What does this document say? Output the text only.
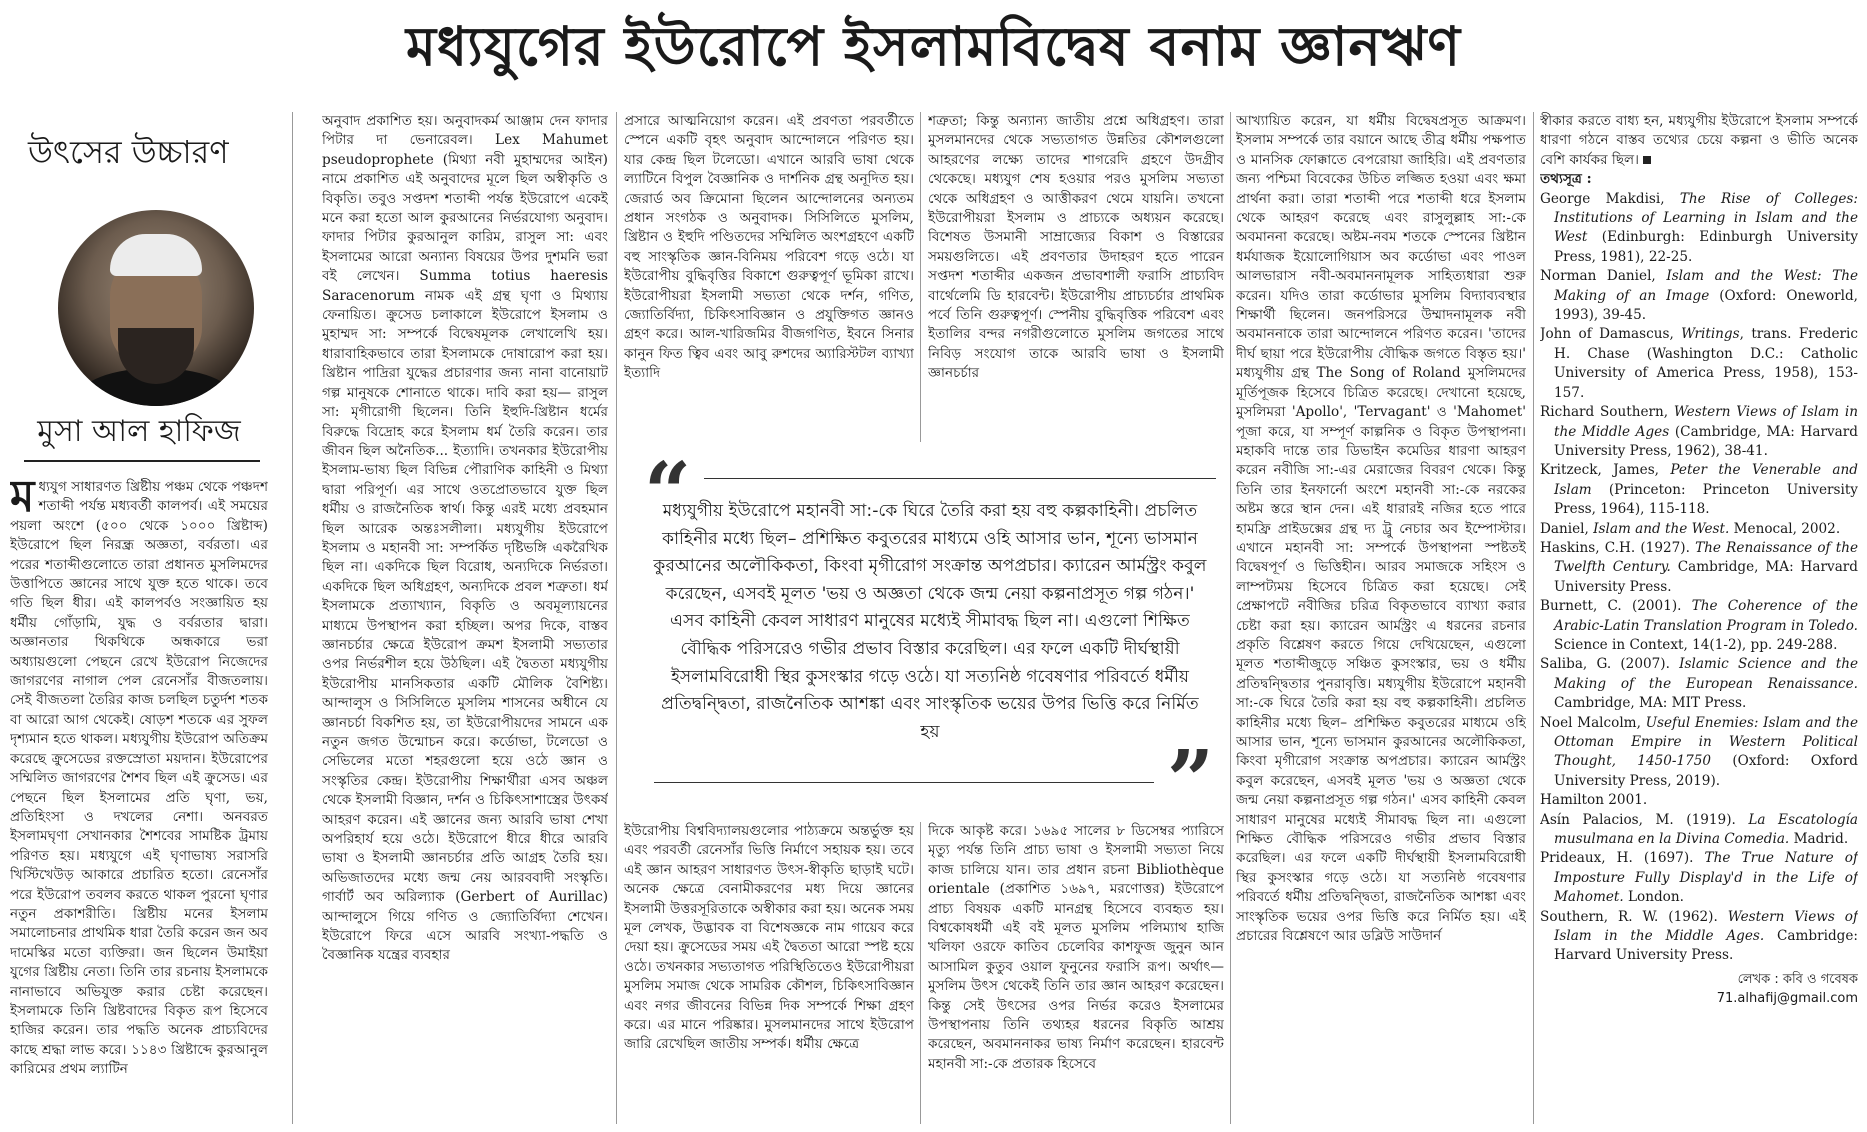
মধ্যযুগের ইউরোপে ইসলামবিদ্বেষ বনাম জ্ঞানঋণ
উৎসের উচ্চারণ
মুসা আল হাফিজ
ম ধ্যযুগ সাধারণত খ্রিষ্টীয় পঞ্চম থেকে পঞ্চদশ শতাব্দী পর্যন্ত মধ্যবর্তী কালপর্ব। এই সময়ের পয়লা অংশে (৫০০ থেকে ১০০০ খ্রিষ্টাব্দ) ইউরোপে ছিল নিরন্ধ্র অজ্ঞতা, বর্বরতা। এর পরের শতাব্দীগুলোতে তারা প্রধানত মুসলিমদের উত্তাপিতে জ্ঞানের সাথে যুক্ত হতে থাকে। তবে গতি ছিল ধীর। এই কালপর্বও সংজ্ঞায়িত হয় ধর্মীয় গোঁড়ামি, যুদ্ধ ও বর্বরতার দ্বারা। অজ্ঞানতার থিকথিকে অন্ধকারে ভরা অধ্যায়গুলো পেছনে রেখে ইউরোপ নিজেদের জাগরণের নাগাল পেল রেনেসাঁর বীজতলায়। সেই বীজতলা তৈরির কাজ চলছিল চতুর্দশ শতক বা আরো আগ থেকেই। ষোড়শ শতকে এর সুফল দৃশ্যমান হতে থাকল। মধ্যযুগীয় ইউরোপ অতিক্রম করেছে ক্রুসেডের রক্তস্রোতা ময়দান। ইউরোপের সম্মিলিত জাগরণের শৈশব ছিল এই ক্রুসেড। এর পেছনে ছিল ইসলামের প্রতি ঘৃণা, ভয়, প্রতিহিংসা ও দখলের নেশা। অনবরত ইসলামঘৃণা সেখানকার শৈশবের সামষ্টিক ট্রমায় পরিণত হয়। মধ্যযুগে এই ঘৃণাভাষ্য সরাসরি খিস্টিখেউড় আকারে প্রচারিত হতো। রেনেসাঁর পরে ইউরোপ তবলব করতে থাকল পুরনো ঘৃণার নতুন প্রকাশরীতি। খ্রিষ্টীয় মনের ইসলাম সমালোচনার প্রাথমিক ধারা তৈরি করেন জন অব দামেস্কির মতো ব্যক্তিরা। জন ছিলেন উমাইয়া যুগের খ্রিষ্টীয় নেতা। তিনি তার রচনায় ইসলামকে নানাভাবে অভিযুক্ত করার চেষ্টা করেছেন। ইসলামকে তিনি খ্রিষ্টবাদের বিকৃত রূপ হিসেবে হাজির করেন। তার পদ্ধতি অনেক প্রাচ্যবিদের কাছে শ্রদ্ধা লাভ করে। ১১৪৩ খ্রিষ্টাব্দে কুরআনুল কারিমের প্রথম ল্যাটিন

অনুবাদ প্রকাশিত হয়। অনুবাদকর্ম আঞ্জাম দেন ফাদার পিটার দা ভেনারেবল। Lex Mahumet pseudoprophete (মিথ্যা নবী মুহাম্মদের আইন) নামে প্রকাশিত এই অনুবাদের মূলে ছিল অস্বীকৃতি ও বিকৃতি। তবুও সপ্তদশ শতাব্দী পর্যন্ত ইউরোপে একেই মনে করা হতো আল কুরআনের নির্ভরযোগ্য অনুবাদ। ফাদার পিটার কুরআনুল কারিম, রাসুল সা: এবং ইসলামের আরো অন্যান্য বিষয়ের উপর দুশমনি ভরা বই লেখেন। Summa totius haeresis Saracenorum নামক এই গ্রন্থ ঘৃণা ও মিথ্যায় ফেনায়িত। ক্রুসেড চলাকালে ইউরোপে ইসলাম ও মুহাম্মদ সা: সম্পর্কে বিদ্বেষমূলক লেখালেখি হয়। ধারাবাহিকভাবে তারা ইসলামকে দোষারোপ করা হয়। খ্রিষ্টান পাদ্রিরা যুদ্ধের প্রচারণার জন্য নানা বানোয়াট গল্প মানুষকে শোনাতে থাকে। দাবি করা হয়— রাসুল সা: মৃগীরোগী ছিলেন। তিনি ইহুদি-খ্রিষ্টান ধর্মের বিরুদ্ধে বিদ্রোহ করে ইসলাম ধর্ম তৈরি করেন। তার জীবন ছিল অনৈতিক... ইত্যাদি। তখনকার ইউরোপীয় ইসলাম-ভাষ্য ছিল বিভিন্ন পৌরাণিক কাহিনী ও মিথ্যা দ্বারা পরিপূর্ণ। এর সাথে ওতপ্রোতভাবে যুক্ত ছিল ধর্মীয় ও রাজনৈতিক স্বার্থ। কিন্তু এরই মধ্যে প্রবহমান ছিল আরেক অন্তঃসলীলা। মধ্যযুগীয় ইউরোপে ইসলাম ও মহানবী সা: সম্পর্কিত দৃষ্টিভঙ্গি একরৈখিক ছিল না। একদিকে ছিল বিরোধ, অন্যদিকে নির্ভরতা। একদিকে ছিল অধিগ্রহণ, অন্যদিকে প্রবল শত্রুতা। ধর্ম ইসলামকে প্রত্যাখ্যান, বিকৃতি ও অবমূল্যায়নের মাধ্যমে উপস্থাপন করা হচ্ছিল। অপর দিকে, বাস্তব জ্ঞানচর্চার ক্ষেত্রে ইউরোপ ক্রমশ ইসলামী সভ্যতার ওপর নির্ভরশীল হয়ে উঠছিল। এই দ্বৈততা মধ্যযুগীয় ইউরোপীয় মানসিকতার একটি মৌলিক বৈশিষ্ট্য। আন্দালুস ও সিসিলিতে মুসলিম শাসনের অধীনে যে জ্ঞানচর্চা বিকশিত হয়, তা ইউরোপীয়দের সামনে এক নতুন জগত উন্মোচন করে। কর্ডোভা, টলেডো ও সেভিলের মতো শহরগুলো হয়ে ওঠে জ্ঞান ও সংস্কৃতির কেন্দ্র। ইউরোপীয় শিক্ষার্থীরা এসব অঞ্চল থেকে ইসলামী বিজ্ঞান, দর্শন ও চিকিৎসাশাস্ত্রের উৎকর্ষ আহরণ করেন। এই জ্ঞানের জন্য আরবি ভাষা শেখা অপরিহার্য হয়ে ওঠে। ইউরোপে ধীরে ধীরে আরবি ভাষা ও ইসলামী জ্ঞানচর্চার প্রতি আগ্রহ তৈরি হয়। অভিজাতদের মধ্যে জন্ম নেয় আরববাদী সংস্কৃতি। গার্বার্ট অব অরিল্যাক (Gerbert of Aurillac) আন্দালুসে গিয়ে গণিত ও জ্যোতির্বিদ্যা শেখেন। ইউরোপে ফিরে এসে আরবি সংখ্যা-পদ্ধতি ও বৈজ্ঞানিক যন্ত্রের ব্যবহার

প্রসারে আত্মনিয়োগ করেন। এই প্রবণতা পরবর্তীতে স্পেনে একটি বৃহৎ অনুবাদ আন্দোলনে পরিণত হয়। যার কেন্দ্র ছিল টলেডো। এখানে আরবি ভাষা থেকে ল্যাটিনে বিপুল বৈজ্ঞানিক ও দার্শনিক গ্রন্থ অনূদিত হয়। জেরার্ড অব ক্রিমোনা ছিলেন আন্দোলনের অন্যতম প্রধান সংগঠক ও অনুবাদক। সিসিলিতে মুসলিম, খ্রিষ্টান ও ইহুদি পণ্ডিতদের সম্মিলিত অংশগ্রহণে একটি বহু সাংস্কৃতিক জ্ঞান-বিনিময় পরিবেশ গড়ে ওঠে। যা ইউরোপীয় বুদ্ধিবৃত্তির বিকাশে গুরুত্বপূর্ণ ভূমিকা রাখে। ইউরোপীয়রা ইসলামী সভ্যতা থেকে দর্শন, গণিত, জ্যোতির্বিদ্যা, চিকিৎসাবিজ্ঞান ও প্রযুক্তিগত জ্ঞানও গ্রহণ করে। আল-খারিজমির বীজগণিত, ইবনে সিনার কানুন ফিত ত্বিব এবং আবু রুশদের অ্যারিস্টটল ব্যাখ্যা ইত্যাদি
শত্রুতা; কিন্তু অন্যান্য জাতীয় প্রশ্নে অধিগ্রহণ। তারা মুসলমানদের থেকে সভ্যতাগত উন্নতির কৌশলগুলো আহরণের লক্ষ্যে তাদের শাগরেদি গ্রহণে উদগ্রীব থেকেছে। মধ্যযুগ শেষ হওয়ার পরও মুসলিম সভ্যতা থেকে অধিগ্রহণ ও আত্তীকরণ থেমে যায়নি। তখনো ইউরোপীয়রা ইসলাম ও প্রাচ্যকে অধ্যয়ন করেছে। বিশেষত উসমানী সাম্রাজ্যের বিকাশ ও বিস্তারের সময়গুলিতে। এই প্রবণতার উদাহরণ হতে পারেন সপ্তদশ শতাব্দীর একজন প্রভাবশালী ফরাসি প্রাচ্যবিদ বার্থেলেমি ডি হারবেন্ট। ইউরোপীয় প্রাচ্যচর্চার প্রাথমিক পর্বে তিনি গুরুত্বপূর্ণ। স্পেনীয় বুদ্ধিবৃত্তিক পরিবেশ এবং ইতালির বন্দর নগরীগুলোতে মুসলিম জগতের সাথে নিবিড় সংযোগ তাকে আরবি ভাষা ও ইসলামী জ্ঞানচর্চার
“
মধ্যযুগীয় ইউরোপে মহানবী সা:-কে ঘিরে তৈরি করা হয় বহু কল্পকাহিনী। প্রচলিত কাহিনীর মধ্যে ছিল– প্রশিক্ষিত কবুতরের মাধ্যমে ওহি আসার ভান, শূন্যে ভাসমান কুরআনের অলৌকিকতা, কিংবা মৃগীরোগ সংক্রান্ত অপপ্রচার। ক্যারেন আর্মস্ট্রং কবুল করেছেন, এসবই মূলত 'ভয় ও অজ্ঞতা থেকে জন্ম নেয়া কল্পনাপ্রসূত গল্প গঠন।' এসব কাহিনী কেবল সাধারণ মানুষের মধ্যেই সীমাবদ্ধ ছিল না। এগুলো শিক্ষিত বৌদ্ধিক পরিসরেও গভীর প্রভাব বিস্তার করেছিল। এর ফলে একটি দীর্ঘস্থায়ী ইসলামবিরোধী স্থির কুসংস্কার গড়ে ওঠে। যা সত্যনিষ্ঠ গবেষণার পরিবর্তে ধর্মীয় প্রতিদ্বন্দ্বিতা, রাজনৈতিক আশঙ্কা এবং সাংস্কৃতিক ভয়ের উপর ভিত্তি করে নির্মিত হয়
”
ইউরোপীয় বিশ্ববিদ্যালয়গুলোর পাঠ্যক্রমে অন্তর্ভুক্ত হয় এবং পরবর্তী রেনেসাঁর ভিত্তি নির্মাণে সহায়ক হয়। তবে এই জ্ঞান আহরণ সাধারণত উৎস-স্বীকৃতি ছাড়াই ঘটে। অনেক ক্ষেত্রে বেনামীকরণের মধ্য দিয়ে জ্ঞানের ইসলামী উত্তরসূরিতাকে অস্বীকার করা হয়। অনেক সময় মূল লেখক, উদ্ভাবক বা বিশেষজ্ঞকে নাম গায়েব করে দেয়া হয়। ক্রুসেডের সময় এই দ্বৈততা আরো স্পষ্ট হয়ে ওঠে। তখনকার সভ্যতাগত পরিস্থিতিতেও ইউরোপীয়রা মুসলিম সমাজ থেকে সামরিক কৌশল, চিকিৎসাবিজ্ঞান এবং নগর জীবনের বিভিন্ন দিক সম্পর্কে শিক্ষা গ্রহণ করে। এর মানে পরিষ্কার। মুসলমানদের সাথে ইউরোপ জারি রেখেছিল জাতীয় সম্পর্ক। ধর্মীয় ক্ষেত্রে
দিকে আকৃষ্ট করে। ১৬৯৫ সালের ৮ ডিসেম্বর প্যারিসে মৃত্যু পর্যন্ত তিনি প্রাচ্য ভাষা ও ইসলামী সভ্যতা নিয়ে কাজ চালিয়ে যান। তার প্রধান রচনা Bibliothèque orientale (প্রকাশিত ১৬৯৭, মরণোত্তর) ইউরোপে প্রাচ্য বিষয়ক একটি মানগ্রন্থ হিসেবে ব্যবহৃত হয়। বিশ্বকোষধর্মী এই বই মূলত মুসলিম পলিম্যাথ হাজি খলিফা ওরফে কাতিব চেলেবির কাশফুজ জুনুন আন আসামিল কুতুব ওয়াল ফুনুনের ফরাসি রূপ। অর্থাৎ— মুসলিম উৎস থেকেই তিনি তার জ্ঞান আহরণ করেছেন। কিন্তু সেই উৎসের ওপর নির্ভর করেও ইসলামের উপস্থাপনায় তিনি তথ্যহর ধরনের বিকৃতি আশ্রয় করেছেন, অবমাননাকর ভাষ্য নির্মাণ করেছেন। হারবেন্ট মহানবী সা:-কে প্রতারক হিসেবে

আখ্যায়িত করেন, যা ধর্মীয় বিদ্বেষপ্রসূত আক্রমণ। ইসলাম সম্পর্কে তার বয়ানে আছে তীব্র ধর্মীয় পক্ষপাত ও মানসিক ফোক্কাতে বেপরোয়া জাহিরি। এই প্রবণতার জন্য পশ্চিমা বিবেকের উচিত লজ্জিত হওয়া এবং ক্ষমা প্রার্থনা করা। তারা শতাব্দী পরে শতাব্দী ধরে ইসলাম থেকে আহরণ করেছে এবং রাসুলুল্লাহ সা:-কে অবমাননা করেছে। অষ্টম-নবম শতকে স্পেনের খ্রিষ্টান ধর্মযাজক ইয়োলোগিয়াস অব কর্ডোভা এবং পাওল আলভারাস নবী-অবমাননামূলক সাহিত্যধারা শুরু করেন। যদিও তারা কর্ডোভার মুসলিম বিদ্যাব্যবস্থার শিক্ষার্থী ছিলেন। জনপরিসরে উম্মাদনামূলক নবী অবমাননাকে তারা আন্দোলনে পরিণত করেন। 'তাদের দীর্ঘ ছায়া পরে ইউরোপীয় বৌদ্ধিক জগতে বিস্তৃত হয়।' মধ্যযুগীয় গ্রন্থ The Song of Roland মুসলিমদের মূর্তিপূজক হিসেবে চিত্রিত করেছে। দেখানো হয়েছে, মুসলিমরা 'Apollo', 'Tervagant' ও 'Mahomet' পূজা করে, যা সম্পূর্ণ কাল্পনিক ও বিকৃত উপস্থাপনা। মহাকবি দান্তে তার ডিভাইন কমেডির ধারণা আহরণ করেন নবীজি সা:-এর মেরাজের বিবরণ থেকে। কিন্তু তিনি তার ইনফার্নো অংশে মহানবী সা:-কে নরকের অষ্টম স্তরে স্থান দেন। এই ধারারই নজির হতে পারে হামফ্রি প্রাইডক্সের গ্রন্থ দ্য ট্রু নেচার অব ইম্পোস্টার। এখানে মহানবী সা: সম্পর্কে উপস্থাপনা স্পষ্টতই বিদ্বেষপূর্ণ ও ভিত্তিহীন। আরব সমাজকে সহিংস ও লাম্পট্যময় হিসেবে চিত্রিত করা হয়েছে। সেই প্রেক্ষাপটে নবীজির চরিত্র বিকৃতভাবে ব্যাখ্যা করার চেষ্টা করা হয়। ক্যারেন আর্মস্ট্রং এ ধরনের রচনার প্রকৃতি বিশ্লেষণ করতে গিয়ে দেখিয়েছেন, এগুলো মূলত শতাব্দীজুড়ে সঞ্চিত কুসংস্কার, ভয় ও ধর্মীয় প্রতিদ্বন্দ্বিতার পুনরাবৃত্তি। মধ্যযুগীয় ইউরোপে মহানবী সা:-কে ঘিরে তৈরি করা হয় বহু কল্পকাহিনী। প্রচলিত কাহিনীর মধ্যে ছিল– প্রশিক্ষিত কবুতরের মাধ্যমে ওহি আসার ভান, শূন্যে ভাসমান কুরআনের অলৌকিকতা, কিংবা মৃগীরোগ সংক্রান্ত অপপ্রচার। ক্যারেন আর্মস্ট্রং কবুল করেছেন, এসবই মূলত 'ভয় ও অজ্ঞতা থেকে জন্ম নেয়া কল্পনাপ্রসূত গল্প গঠন।' এসব কাহিনী কেবল সাধারণ মানুষের মধ্যেই সীমাবদ্ধ ছিল না। এগুলো শিক্ষিত বৌদ্ধিক পরিসরেও গভীর প্রভাব বিস্তার করেছিল। এর ফলে একটি দীর্ঘস্থায়ী ইসলামবিরোধী স্থির কুসংস্কার গড়ে ওঠে। যা সত্যনিষ্ঠ গবেষণার পরিবর্তে ধর্মীয় প্রতিদ্বন্দ্বিতা, রাজনৈতিক আশঙ্কা এবং সাংস্কৃতিক ভয়ের ওপর ভিত্তি করে নির্মিত হয়। এই প্রচারের বিশ্লেষণে আর ডব্লিউ সাউদার্ন

স্বীকার করতে বাধ্য হন, মধ্যযুগীয় ইউরোপে ইসলাম সম্পর্কে ধারণা গঠনে বাস্তব তথ্যের চেয়ে কল্পনা ও ভীতি অনেক বেশি কার্যকর ছিল।

তথ্যসূত্র :

George Makdisi, The Rise of Colleges: Institutions of Learning in Islam and the West (Edinburgh: Edinburgh University Press, 1981), 22-25.

Norman Daniel, Islam and the West: The Making of an Image (Oxford: Oneworld, 1993), 39-45.

John of Damascus, Writings, trans. Frederic H. Chase (Washington D.C.: Catholic University of America Press, 1958), 153-157.

Richard Southern, Western Views of Islam in the Middle Ages (Cambridge, MA: Harvard University Press, 1962), 38-41.

Kritzeck, James, Peter the Venerable and Islam (Princeton: Princeton University Press, 1964), 115-118.

Daniel, Islam and the West. Menocal, 2002.

Haskins, C.H. (1927). The Renaissance of the Twelfth Century. Cambridge, MA: Harvard University Press.

Burnett, C. (2001). The Coherence of the Arabic-Latin Translation Program in Toledo. Science in Context, 14(1-2), pp. 249-288.

Saliba, G. (2007). Islamic Science and the Making of the European Renaissance. Cambridge, MA: MIT Press.

Noel Malcolm, Useful Enemies: Islam and the Ottoman Empire in Western Political Thought, 1450-1750 (Oxford: Oxford University Press, 2019).

Hamilton 2001.

Asín Palacios, M. (1919). La Escatología musulmana en la Divina Comedia. Madrid.

Prideaux, H. (1697). The True Nature of Imposture Fully Display'd in the Life of Mahomet. London.

Southern, R. W. (1962). Western Views of Islam in the Middle Ages. Cambridge: Harvard University Press.

লেখক : কবি ও গবেষক

71.alhafij@gmail.com
